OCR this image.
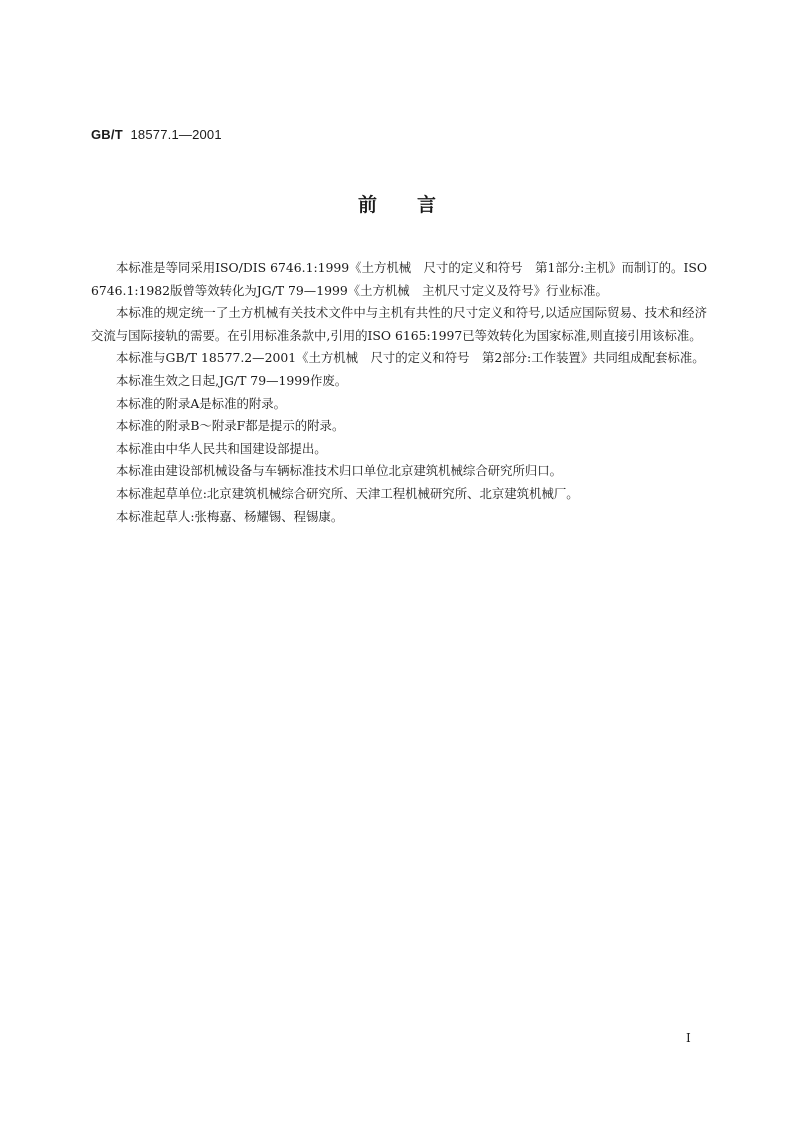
GB/T 18577.1—2001
前言

本标准是等同采用ISO/DIS 6746.1:1999《土方机械　尺寸的定义和符号　第1部分:主机》而制订的。ISO 6746.1:1982版曾等效转化为JG/T 79—1999《土方机械　主机尺寸定义及符号》行业标准。

本标准的规定统一了土方机械有关技术文件中与主机有共性的尺寸定义和符号,以适应国际贸易、技术和经济交流与国际接轨的需要。在引用标准条款中,引用的ISO 6165:1997已等效转化为国家标准,则直接引用该标准。

本标准与GB/T 18577.2—2001《土方机械　尺寸的定义和符号　第2部分:工作装置》共同组成配套标准。

本标准生效之日起,JG/T 79—1999作废。

本标准的附录A是标准的附录。

本标准的附录B～附录F都是提示的附录。

本标准由中华人民共和国建设部提出。

本标准由建设部机械设备与车辆标准技术归口单位北京建筑机械综合研究所归口。

本标准起草单位:北京建筑机械综合研究所、天津工程机械研究所、北京建筑机械厂。

本标准起草人:张梅嘉、杨耀锡、程锡康。

I
